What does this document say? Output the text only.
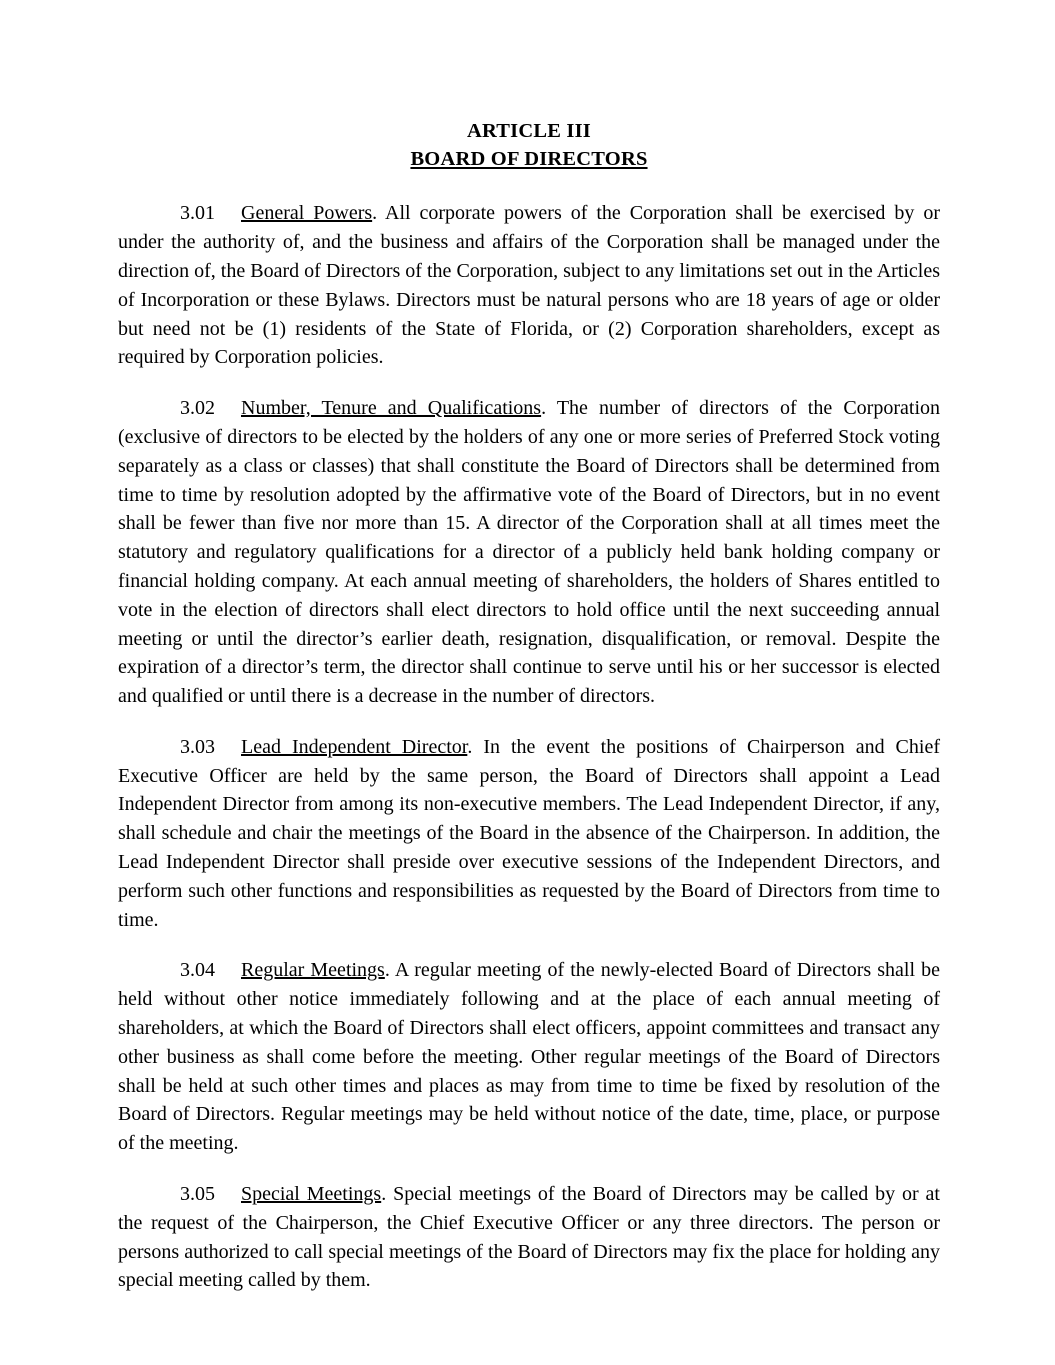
ARTICLE III
BOARD OF DIRECTORS

3.01 General Powers. All corporate powers of the Corporation shall be exercised by or under the authority of, and the business and affairs of the Corporation shall be managed under the direction of, the Board of Directors of the Corporation, subject to any limitations set out in the Articles of Incorporation or these Bylaws. Directors must be natural persons who are 18 years of age or older but need not be (1) residents of the State of Florida, or (2) Corporation shareholders, except as required by Corporation policies.

3.02 Number, Tenure and Qualifications. The number of directors of the Corporation (exclusive of directors to be elected by the holders of any one or more series of Preferred Stock voting separately as a class or classes) that shall constitute the Board of Directors shall be determined from time to time by resolution adopted by the affirmative vote of the Board of Directors, but in no event shall be fewer than five nor more than 15. A director of the Corporation shall at all times meet the statutory and regulatory qualifications for a director of a publicly held bank holding company or financial holding company. At each annual meeting of shareholders, the holders of Shares entitled to vote in the election of directors shall elect directors to hold office until the next succeeding annual meeting or until the director’s earlier death, resignation, disqualification, or removal. Despite the expiration of a director’s term, the director shall continue to serve until his or her successor is elected and qualified or until there is a decrease in the number of directors.

3.03 Lead Independent Director. In the event the positions of Chairperson and Chief Executive Officer are held by the same person, the Board of Directors shall appoint a Lead Independent Director from among its non-executive members. The Lead Independent Director, if any, shall schedule and chair the meetings of the Board in the absence of the Chairperson. In addition, the Lead Independent Director shall preside over executive sessions of the Independent Directors, and perform such other functions and responsibilities as requested by the Board of Directors from time to time.

3.04 Regular Meetings. A regular meeting of the newly-elected Board of Directors shall be held without other notice immediately following and at the place of each annual meeting of shareholders, at which the Board of Directors shall elect officers, appoint committees and transact any other business as shall come before the meeting. Other regular meetings of the Board of Directors shall be held at such other times and places as may from time to time be fixed by resolution of the Board of Directors. Regular meetings may be held without notice of the date, time, place, or purpose of the meeting.

3.05 Special Meetings. Special meetings of the Board of Directors may be called by or at the request of the Chairperson, the Chief Executive Officer or any three directors. The person or persons authorized to call special meetings of the Board of Directors may fix the place for holding any special meeting called by them.
